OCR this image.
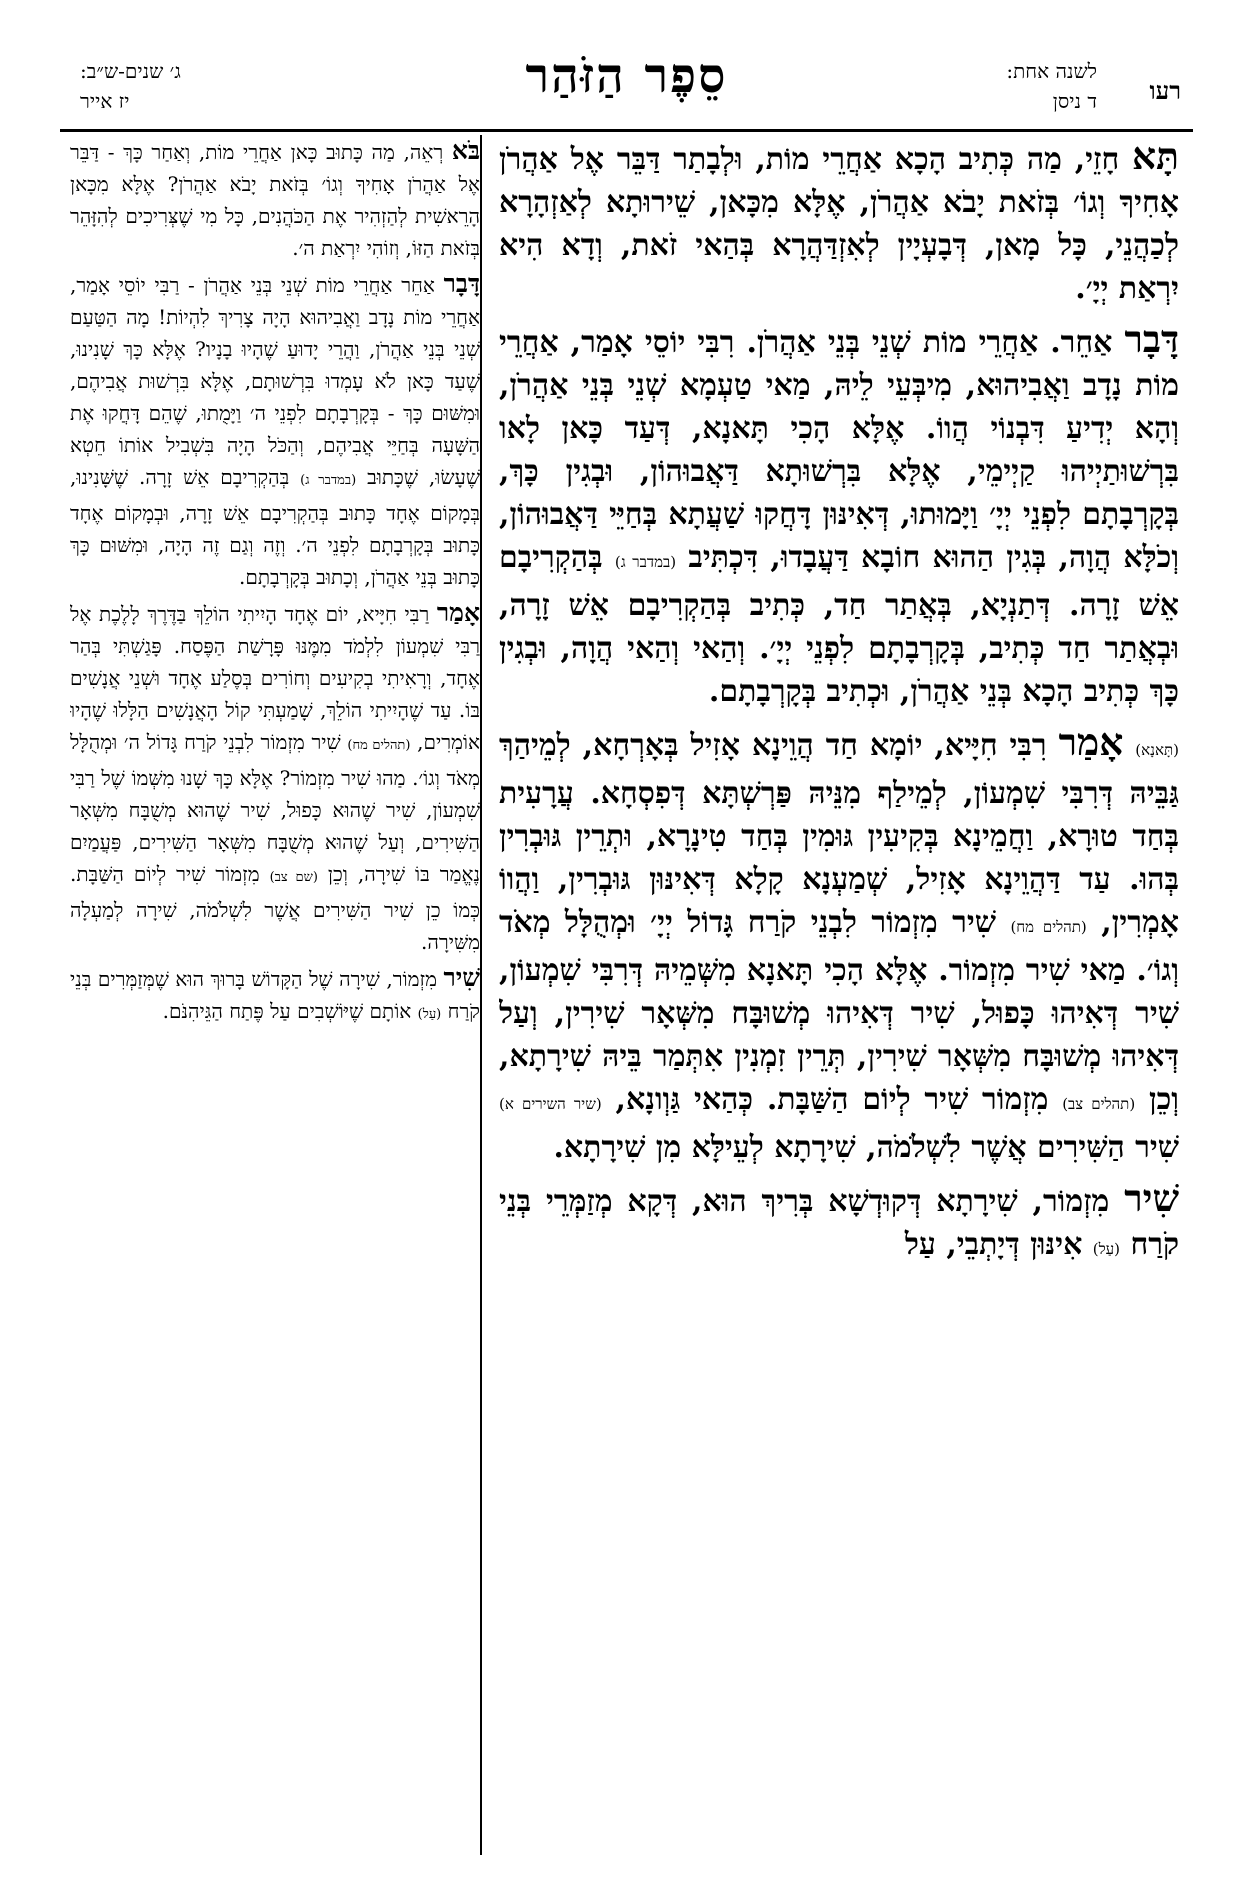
רעו
לשנה אחת:
ד ניסן
סֵפֶר הַזֹּהַר
ג׳ שנים-ש״ב:
יז אייר

תָּא חָזֵי, מַה כְּתִיב הָכָא אַחֲרֵי מוֹת, וּלְבָתַר דַּבֵּר אֶל אַהֲרֹן אָחִיךָ וְגוֹ׳ בְּזֹאת יָבֹא אַהֲרֹן, אֶלָּא מִכָּאן, שֵׁירוּתָא לְאַזְהָרָא לְכַהֲנֵי, כָּל מָאן, דְּבָעְיָין לְאִזְדַּהֲרָא בְּהַאי זֹאת, וְדָא הִיא יִרְאַת יְיָ׳.

דָּבָר אַחֵר. אַחֲרֵי מוֹת שְׁנֵי בְּנֵי אַהֲרֹן. רִבִּי יוֹסֵי אָמַר, אַחֲרֵי מוֹת נָדָב וַאֲבִיהוּא, מִיבְּעֵי לֵיהּ, מַאי טַעְמָא שְׁנֵי בְּנֵי אַהֲרֹן, וְהָא יְדִיעַ דִּבְנוֹי הֲווֹ. אֶלָּא הָכִי תָּאנָא, דְּעַד כָּאן לָאו בִּרְשׁוּתַיְיהוּ קַיְימֵי, אֶלָּא בִּרְשׁוּתָא דַּאֲבוּהוֹן, וּבְגִין כָּךְ, בְּקָרְבָתָם לִפְנֵי יְיָ׳ וַיָּמוּתוּ, דְּאִינּוּן דָּחֲקוּ שַׁעֲתָא בְּחַיֵּי דַּאֲבוּהוֹן, וְכֹלָּא הֲוָה, בְּגִין הַהוּא חוֹבָא דַּעֲבָדוּ, דִּכְתִּיב (במדבר ג) בְּהַקְרִיבָם אֵשׁ זָרָה. דְּתַנְיָא, בְּאֲתַר חַד, כְּתִיב בְּהַקְרִיבָם אֵשׁ זָרָה, וּבְאֲתַר חַד כְּתִיב, בְּקָרְבָתָם לִפְנֵי יְיָ׳. וְהַאי וְהַאי הֲוָה, וּבְגִין כָּךְ כְּתִיב הָכָא בְּנֵי אַהֲרֹן, וּכְתִיב בְּקָרְבָתָם.

(תָּאנָא) אָמַר רִבִּי חִיָּיא, יוֹמָא חַד הֲוֵינָא אָזִיל בְּאָרְחָא, לְמֵיהַךְ גַּבֵּיהּ דְּרִבִּי שִׁמְעוֹן, לְמֵילַף מִנֵּיהּ פַּרְשְׁתָּא דְּפִסְחָא. עֲרָעִית בְּחַד טוּרָא, וַחֲמֵינָא בְּקִיעִין גּוּמִין בְּחַד טִינָרָא, וּתְרֵין גּוּבְרִין בְּהוּ. עַד דַּהֲוֵינָא אָזִיל, שְׁמַעְנָא קָלָא דְּאִינּוּן גּוּבְרִין, וַהֲווֹ אָמְרִין, (תהלים מח) שִׁיר מִזְמוֹר לִבְנֵי קֹרַח גָּדוֹל יְיָ׳ וּמְהֻלָּל מְאֹד וְגוֹ׳. מַאי שִׁיר מִזְמוֹר. אֶלָּא הָכִי תָּאנָא מִשְּׁמֵיהּ דְּרִבִּי שִׁמְעוֹן, שִׁיר דְּאִיהוּ כָּפוּל, שִׁיר דְּאִיהוּ מְשׁוּבָּח מִשְּׁאָר שִׁירִין, וְעַל דְּאִיהוּ מְשׁוּבָּח מִשְּׁאָר שִׁירִין, תְּרֵין זִמְנִין אִתְּמַר בֵּיהּ שִׁירָתָא, וְכֵן (תהלים צב) מִזְמוֹר שִׁיר לְיוֹם הַשַּׁבָּת. כְּהַאי גַּוְונָא, (שיר השירים א) שִׁיר הַשִּׁירִים אֲשֶׁר לִשְׁלֹמֹה, שִׁירָתָא לְעֵילָּא מִן שִׁירָתָא.

שִׁיר מִזְמוֹר, שִׁירָתָא דְּקוּדְשָׁא בְּרִיךְ הוּא, דְּקָא מְזַמְּרֵי בְּנֵי קֹרַח (עַל) אִינּוּן דְּיָתְבֵי, עַל

בֹּא רְאֵה, מַה כָּתוּב כָּאן אַחֲרֵי מוֹת, וְאַחַר כָּךְ - דַּבֵּר אֶל אַהֲרֹן אָחִיךָ וְגוֹ׳ בְּזֹאת יָבֹא אַהֲרֹן? אֶלָּא מִכָּאן הָרֵאשִׁית לְהַזְהִיר אֶת הַכֹּהֲנִים, כָּל מִי שֶׁצְּרִיכִים לְהִזָּהֵר בְּזֹאת הַזּוֹ, וְזוֹהִי יִרְאַת ה׳.

דָּבָר אַחֵר אַחֲרֵי מוֹת שְׁנֵי בְּנֵי אַהֲרֹן - רַבִּי יוֹסֵי אָמַר, אַחֲרֵי מוֹת נָדָב וַאֲבִיהוּא הָיָה צָרִיךְ לִהְיוֹת! מָה הַטַּעַם שְׁנֵי בְּנֵי אַהֲרֹן, וַהֲרֵי יָדוּעַ שֶׁהָיוּ בָנָיו? אֶלָּא כָּךְ שָׁנִינוּ, שֶׁעַד כָּאן לֹא עָמְדוּ בִּרְשׁוּתָם, אֶלָּא בִּרְשׁוּת אֲבִיהֶם, וּמִשּׁוּם כָּךְ - בְּקָרְבָתָם לִפְנֵי ה׳ וַיָּמֻתוּ, שֶׁהֵם דָּחֲקוּ אֶת הַשָּׁעָה בְּחַיֵּי אֲבִיהֶם, וְהַכֹּל הָיָה בִּשְׁבִיל אוֹתוֹ חֵטְא שֶׁעָשׂוּ, שֶׁכָּתוּב (במדבר ג) בְּהַקְרִיבָם אֵשׁ זָרָה. שֶׁשָּׁנִינוּ, בְּמָקוֹם אֶחָד כָּתוּב בְּהַקְרִיבָם אֵשׁ זָרָה, וּבְמָקוֹם אֶחָד כָּתוּב בְּקָרְבָתָם לִפְנֵי ה׳. וְזֶה וְגַם זֶה הָיָה, וּמִשּׁוּם כָּךְ כָּתוּב בְּנֵי אַהֲרֹן, וְכָתוּב בְּקָרְבָתָם.

אָמַר רַבִּי חִיָּיא, יוֹם אֶחָד הָיִיתִי הוֹלֵךְ בַּדֶּרֶךְ לָלֶכֶת אֶל רַבִּי שִׁמְעוֹן לִלְמֹד מִמֶּנּוּ פָּרָשַׁת הַפֶּסַח. פָּגַשְׁתִּי בְּהַר אֶחָד, וְרָאִיתִי בְקִיעִים וְחוֹרִים בְּסֶלַע אֶחָד וּשְׁנֵי אֲנָשִׁים בּוֹ. עַד שֶׁהָיִיתִי הוֹלֵךְ, שָׁמַעְתִּי קוֹל הָאֲנָשִׁים הַלָּלוּ שֶׁהָיוּ אוֹמְרִים, (תהלים מח) שִׁיר מִזְמוֹר לִבְנֵי קֹרַח גָּדוֹל ה׳ וּמְהֻלָּל מְאֹד וְגוֹ׳. מַהוּ שִׁיר מִזְמוֹר? אֶלָּא כָּךְ שָׁנוּ מִשְּׁמוֹ שֶׁל רַבִּי שִׁמְעוֹן, שִׁיר שֶׁהוּא כָּפוּל, שִׁיר שֶׁהוּא מְשֻׁבָּח מִשְּׁאָר הַשִּׁירִים, וְעַל שֶׁהוּא מְשֻׁבָּח מִשְּׁאָר הַשִּׁירִים, פַּעֲמַיִם נֶאֱמַר בּוֹ שִׁירָה, וְכֵן (שם צב) מִזְמוֹר שִׁיר לְיוֹם הַשַּׁבָּת. כְּמוֹ כֵן שִׁיר הַשִּׁירִים אֲשֶׁר לִשְׁלֹמֹה, שִׁירָה לְמַעְלָה מִשִּׁירָה.

שִׁיר מִזְמוֹר, שִׁירָה שֶׁל הַקָּדוֹשׁ בָּרוּךְ הוּא שֶׁמְּזַמְּרִים בְּנֵי קֹרַח (עַל) אוֹתָם שֶׁיּוֹשְׁבִים עַל פֶּתַח הַגֵּיהִנֹּם.
